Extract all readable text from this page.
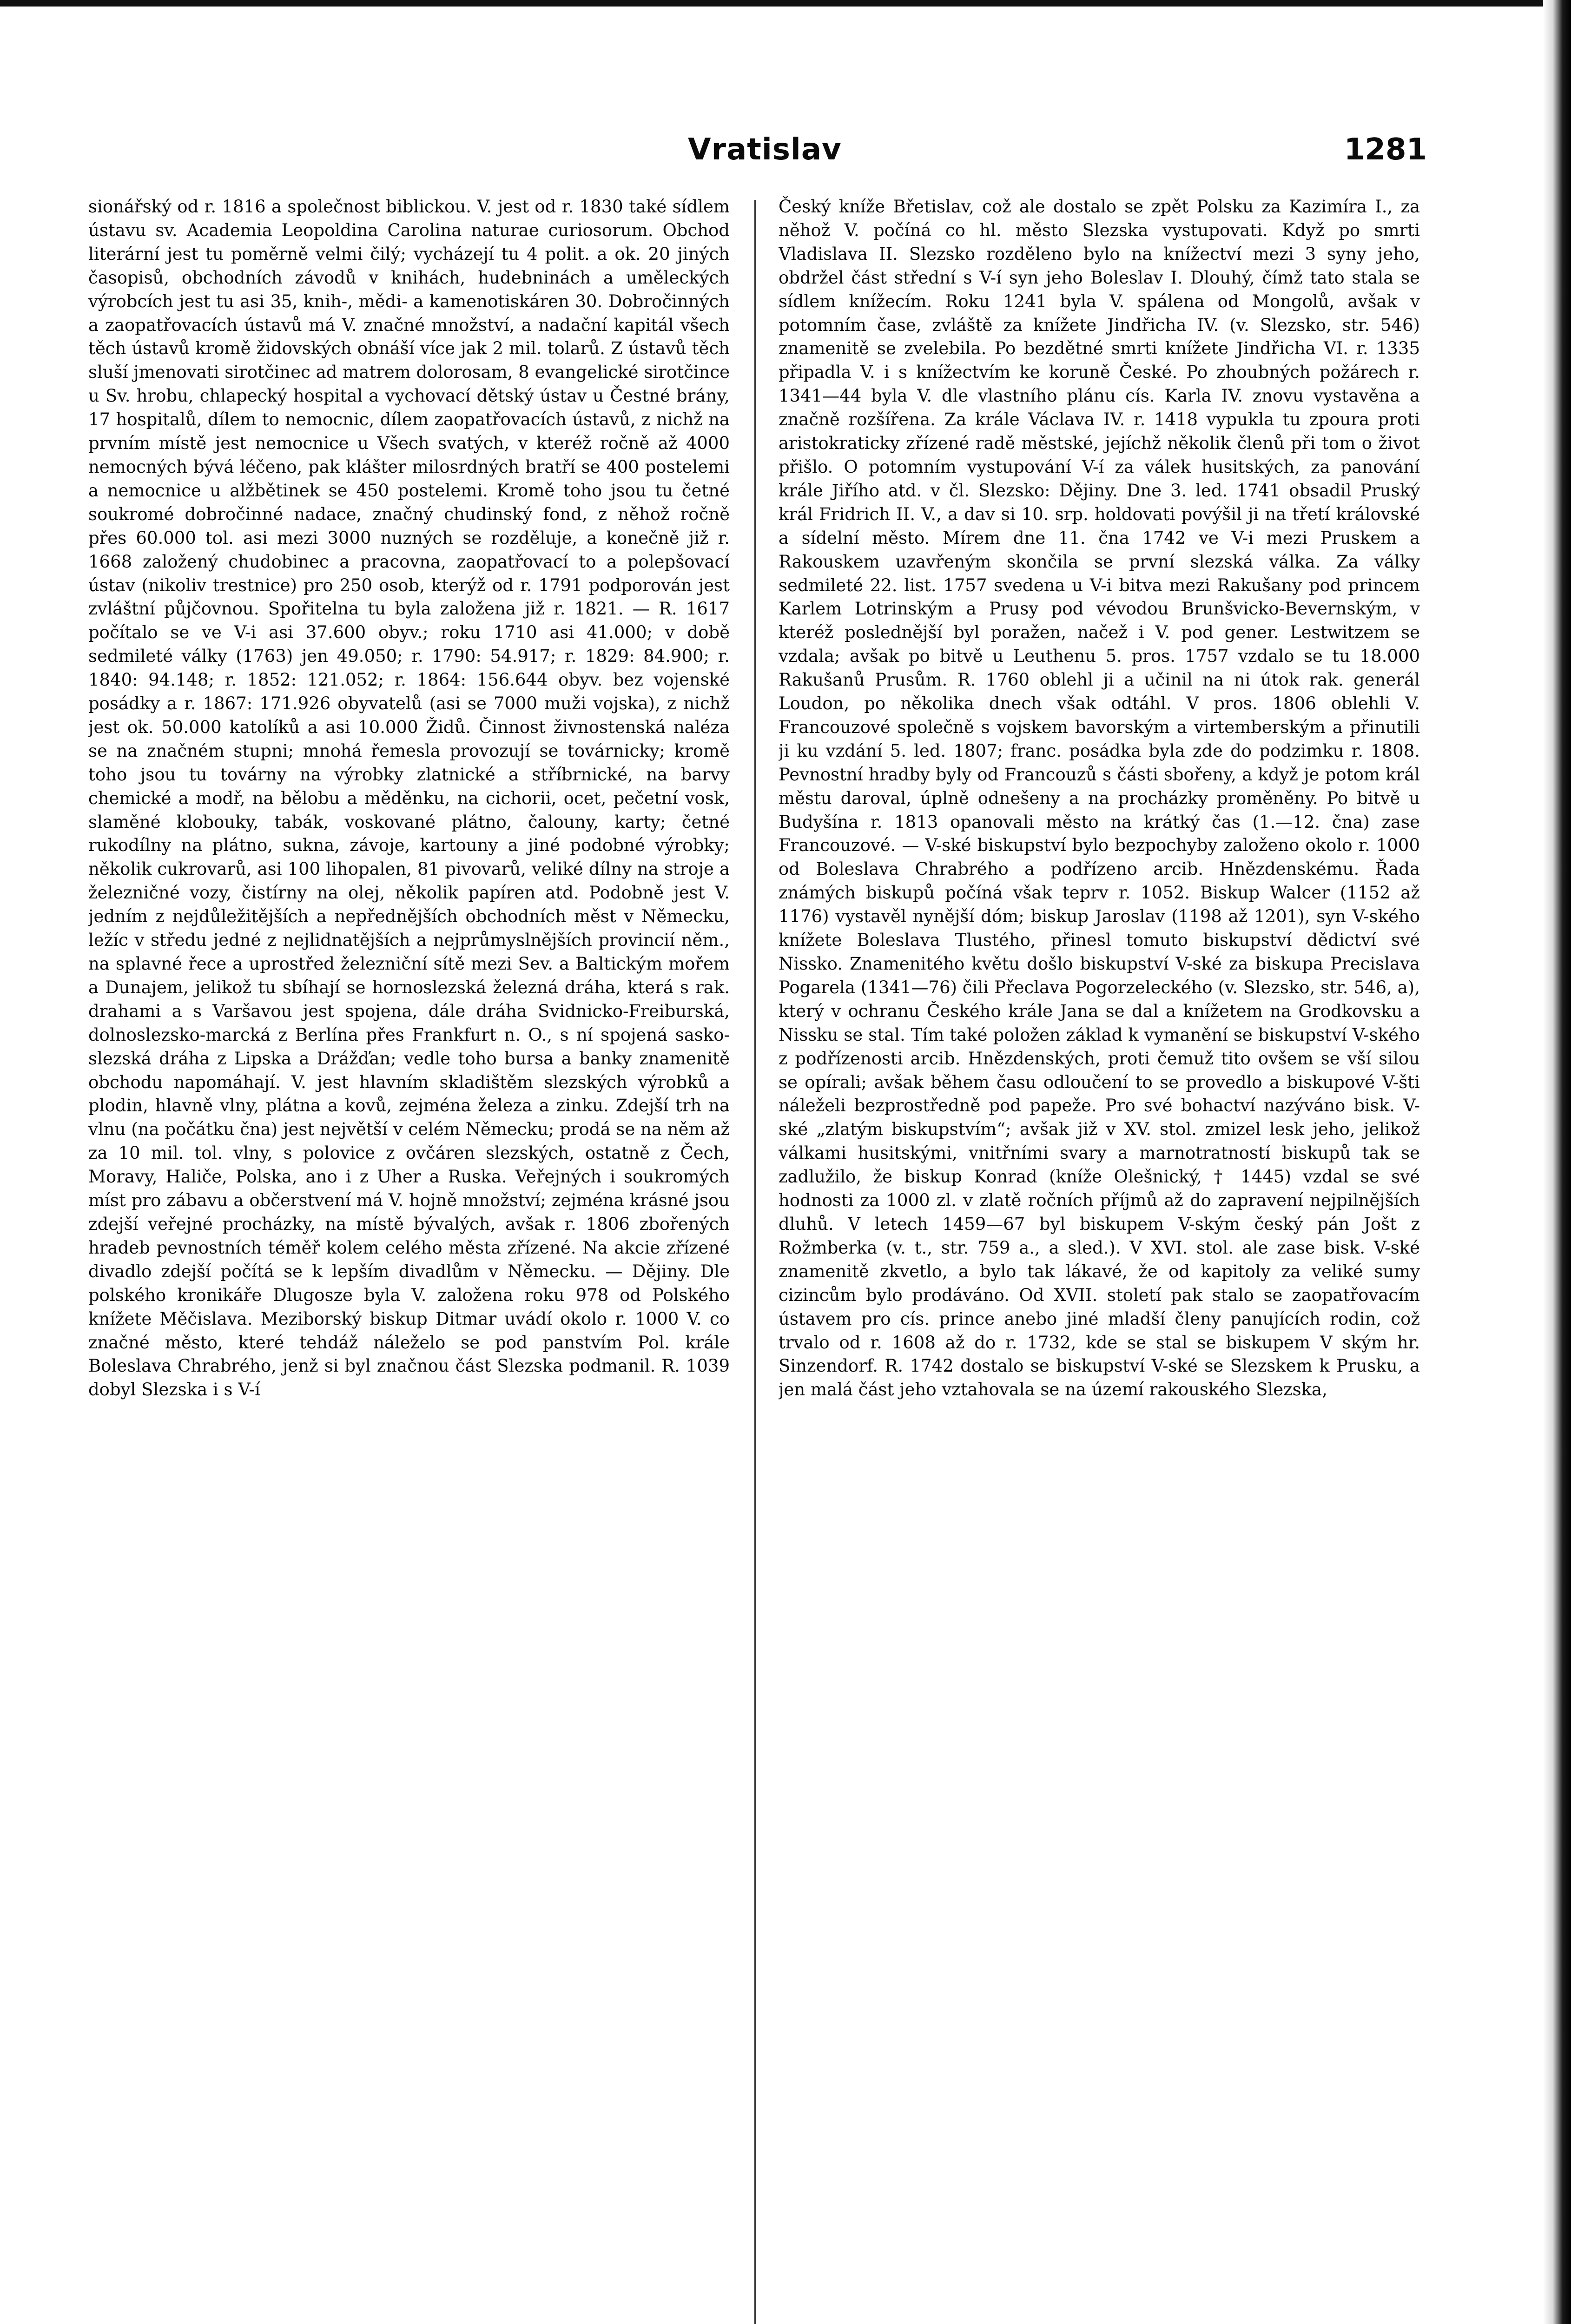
Vratislav	1281

sionářský od r. 1816 a společnost biblickou. V. jest od r. 1830 také sídlem ústavu sv. Academia Leopoldina Carolina naturae curiosorum. Obchod literární jest tu poměrně velmi čilý; vycházejí tu 4 polit. a ok. 20 jiných časopisů, obchodních závodů v knihách, hudebninách a uměleckých výrobcích jest tu asi 35, knih-, mědi- a kamenotiskáren 30. Dobročinných a zaopatřovacích ústavů má V. značné množství, a nadační kapitál všech těch ústavů kromě židovských obnáší více jak 2 mil. tolarů. Z ústavů těch sluší jmenovati sirotčinec ad matrem dolorosam, 8 evangelické sirotčince u Sv. hrobu, chlapecký hospital a vychovací dětský ústav u Čestné brány, 17 hospitalů, dílem to nemocnic, dílem zaopatřovacích ústavů, z nichž na prvním místě jest nemocnice u Všech svatých, v kteréž ročně až 4000 nemocných bývá léčeno, pak klášter milosrdných bratří se 400 postelemi a nemocnice u alžbětinek se 450 postelemi. Kromě toho jsou tu četné soukromé dobročinné nadace, značný chudinský fond, z něhož ročně přes 60.000 tol. asi mezi 3000 nuzných se rozděluje, a konečně již r. 1668 založený chudobinec a pracovna, zaopatřovací to a polepšovací ústav (nikoliv trestnice) pro 250 osob, kterýž od r. 1791 podporován jest zvláštní půjčovnou. Spořitelna tu byla založena již r. 1821. — R. 1617 počítalo se ve V-i asi 37.600 obyv.; roku 1710 asi 41.000; v době sedmileté války (1763) jen 49.050; r. 1790: 54.917; r. 1829: 84.900; r. 1840: 94.148; r. 1852: 121.052; r. 1864: 156.644 obyv. bez vojenské posádky a r. 1867: 171.926 obyvatelů (asi se 7000 muži vojska), z nichž jest ok. 50.000 katolíků a asi 10.000 Židů. Činnost živnostenská naléza se na značném stupni; mnohá řemesla provozují se továrnicky; kromě toho jsou tu továrny na výrobky zlatnické a stříbrnické, na barvy chemické a modř, na bělobu a měděnku, na cichorii, ocet, pečetní vosk, slaměné klobouky, tabák, voskované plátno, čalouny, karty; četné rukodílny na plátno, sukna, závoje, kartouny a jiné podobné výrobky; několik cukrovarů, asi 100 lihopalen, 81 pivovarů, veliké dílny na stroje a železničné vozy, čistírny na olej, několik papíren atd. Podobně jest V. jedním z nejdůležitějších a nepřednějších obchodních měst v Německu, ležíc v středu jedné z nejlidnatějších a nejprůmyslnějších provincií něm., na splavné řece a uprostřed železniční sítě mezi Sev. a Baltickým mořem a Dunajem, jelikož tu sbíhají se hornoslezská železná dráha, která s rak. drahami a s Varšavou jest spojena, dále dráha Svidnicko-Freiburská, dolnoslezsko-marcká z Berlína přes Frankfurt n. O., s ní spojená sasko-slezská dráha z Lipska a Drážďan; vedle toho bursa a banky znamenitě obchodu napomáhají. V. jest hlavním skladištěm slezských výrobků a plodin, hlavně vlny, plátna a kovů, zejména železa a zinku. Zdejší trh na vlnu (na počátku čna) jest největší v celém Německu; prodá se na něm až za 10 mil. tol. vlny, s polovice z ovčáren slezských, ostatně z Čech, Moravy, Haliče, Polska, ano i z Uher a Ruska. Veřejných i soukromých míst pro zábavu a občerstvení má V. hojně množství; zejména krásné jsou zdejší veřejné procházky, na místě bývalých, avšak r. 1806 zbořených hradeb pevnostních téměř kolem celého města zřízené. Na akcie zřízené divadlo zdejší počítá se k lepším divadlům v Německu. — Dějiny. Dle polského kronikáře Dlugosze byla V. založena roku 978 od Polského knížete Měčislava. Meziborský biskup Ditmar uvádí okolo r. 1000 V. co značné město, které tehdáž náleželo se pod panstvím Pol. krále Boleslava Chrabrého, jenž si byl značnou část Slezska podmanil. R. 1039 dobyl Slezska i s V-í

Český kníže Břetislav, což ale dostalo se zpět Polsku za Kazimíra I., za něhož V. počíná co hl. město Slezska vystupovati. Když po smrti Vladislava II. Slezsko rozděleno bylo na knížectví mezi 3 syny jeho, obdržel část střední s V-í syn jeho Boleslav I. Dlouhý, čímž tato stala se sídlem knížecím. Roku 1241 byla V. spálena od Mongolů, avšak v potomním čase, zvláště za knížete Jindřicha IV. (v. Slezsko, str. 546) znamenitě se zvelebila. Po bezdětné smrti knížete Jindřicha VI. r. 1335 připadla V. i s knížectvím ke koruně České. Po zhoubných požárech r. 1341—44 byla V. dle vlastního plánu cís. Karla IV. znovu vystavěna a značně rozšířena. Za krále Václava IV. r. 1418 vypukla tu zpoura proti aristokraticky zřízené radě městské, jejíchž několik členů při tom o život přišlo. O potomním vystupování V-í za válek husitských, za panování krále Jiřího atd. v čl. Slezsko: Dějiny. Dne 3. led. 1741 obsadil Pruský král Fridrich II. V., a dav si 10. srp. holdovati povýšil ji na třetí královské a sídelní město. Mírem dne 11. čna 1742 ve V-i mezi Pruskem a Rakouskem uzavřeným skončila se první slezská válka. Za války sedmileté 22. list. 1757 svedena u V-i bitva mezi Rakušany pod princem Karlem Lotrinským a Prusy pod vévodou Brunšvicko-Bevernským, v kteréž poslednější byl poražen, načež i V. pod gener. Lestwitzem se vzdala; avšak po bitvě u Leuthenu 5. pros. 1757 vzdalo se tu 18.000 Rakušanů Prusům. R. 1760 oblehl ji a učinil na ni útok rak. generál Loudon, po několika dnech však odtáhl. V pros. 1806 oblehli V. Francouzové společně s vojskem bavorským a virtemberským a přinutili ji ku vzdání 5. led. 1807; franc. posádka byla zde do podzimku r. 1808. Pevnostní hradby byly od Francouzů s části sbořeny, a když je potom král městu daroval, úplně odnešeny a na procházky proměněny. Po bitvě u Budyšína r. 1813 opanovali město na krátký čas (1.—12. čna) zase Francouzové. — V-ské biskupství bylo bezpochyby založeno okolo r. 1000 od Boleslava Chrabrého a podřízeno arcib. Hnězdenskému. Řada známých biskupů počíná však teprv r. 1052. Biskup Walcer (1152 až 1176) vystavěl nynější dóm; biskup Jaroslav (1198 až 1201), syn V-ského knížete Boleslava Tlustého, přinesl tomuto biskupství dědictví své Nissko. Znamenitého květu došlo biskupství V-ské za biskupa Precislava Pogarela (1341—76) čili Přeclava Pogorzeleckého (v. Slezsko, str. 546, a), který v ochranu Českého krále Jana se dal a knížetem na Grodkovsku a Nissku se stal. Tím také položen základ k vymanění se biskupství V-ského z podřízenosti arcib. Hnězdenských, proti čemuž tito ovšem se vší silou se opírali; avšak během času odloučení to se provedlo a biskupové V-šti náleželi bezprostředně pod papeže. Pro své bohactví nazýváno bisk. V-ské „zlatým biskupstvím“; avšak již v XV. stol. zmizel lesk jeho, jelikož válkami husitskými, vnitřními svary a marnotratností biskupů tak se zadlužilo, že biskup Konrad (kníže Olešnický, † 1445) vzdal se své hodnosti za 1000 zl. v zlatě ročních příjmů až do zapravení nejpilnějších dluhů. V letech 1459—67 byl biskupem V-ským český pán Jošt z Rožmberka (v. t., str. 759 a., a sled.). V XVI. stol. ale zase bisk. V-ské znamenitě zkvetlo, a bylo tak lákavé, že od kapitoly za veliké sumy cizincům bylo prodáváno. Od XVII. století pak stalo se zaopatřovacím ústavem pro cís. prince anebo jiné mladší členy panujících rodin, což trvalo od r. 1608 až do r. 1732, kde se stal se biskupem V ským hr. Sinzendorf. R. 1742 dostalo se biskupství V-ské se Slezskem k Prusku, a jen malá část jeho vztahovala se na území rakouského Slezska,
